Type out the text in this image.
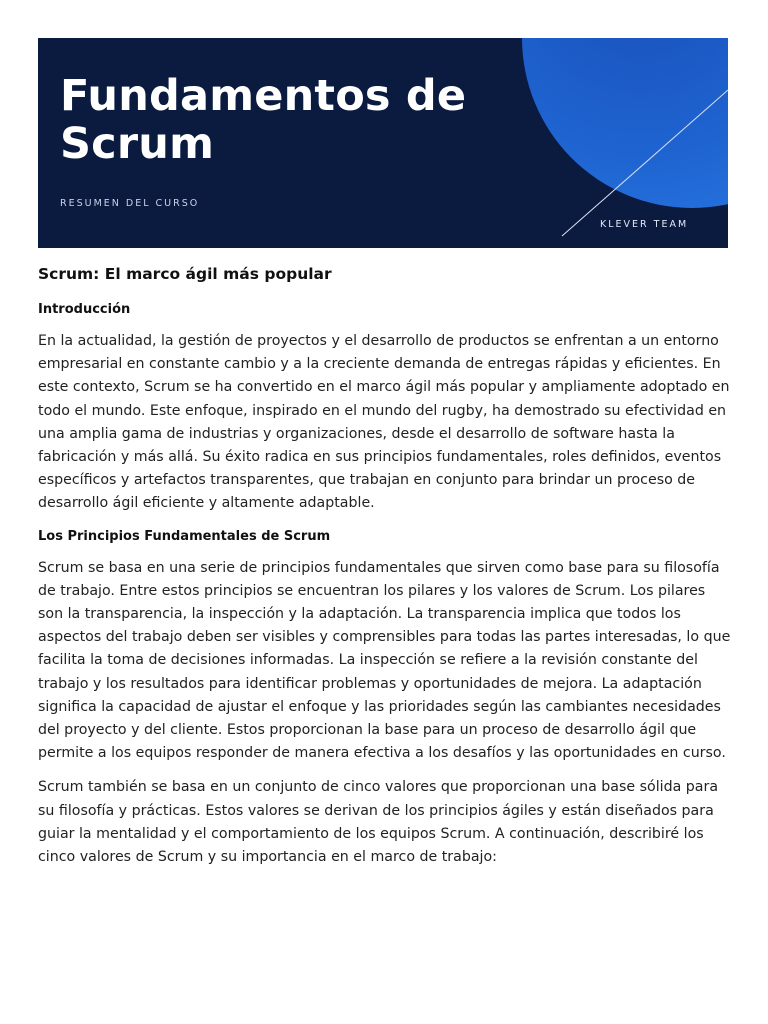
Fundamentos de Scrum
RESUMEN DEL CURSO
KLEVER TEAM
Scrum: El marco ágil más popular
Introducción

En la actualidad, la gestión de proyectos y el desarrollo de productos se enfrentan a un entorno empresarial en constante cambio y a la creciente demanda de entregas rápidas y eficientes. En este contexto, Scrum se ha convertido en el marco ágil más popular y ampliamente adoptado en todo el mundo. Este enfoque, inspirado en el mundo del rugby, ha demostrado su efectividad en una amplia gama de industrias y organizaciones, desde el desarrollo de software hasta la fabricación y más allá. Su éxito radica en sus principios fundamentales, roles definidos, eventos específicos y artefactos transparentes, que trabajan en conjunto para brindar un proceso de desarrollo ágil eficiente y altamente adaptable.

Los Principios Fundamentales de Scrum

Scrum se basa en una serie de principios fundamentales que sirven como base para su filosofía de trabajo. Entre estos principios se encuentran los pilares y los valores de Scrum. Los pilares son la transparencia, la inspección y la adaptación. La transparencia implica que todos los aspectos del trabajo deben ser visibles y comprensibles para todas las partes interesadas, lo que facilita la toma de decisiones informadas. La inspección se refiere a la revisión constante del trabajo y los resultados para identificar problemas y oportunidades de mejora. La adaptación significa la capacidad de ajustar el enfoque y las prioridades según las cambiantes necesidades del proyecto y del cliente. Estos proporcionan la base para un proceso de desarrollo ágil que permite a los equipos responder de manera efectiva a los desafíos y las oportunidades en curso.

Scrum también se basa en un conjunto de cinco valores que proporcionan una base sólida para su filosofía y prácticas. Estos valores se derivan de los principios ágiles y están diseñados para guiar la mentalidad y el comportamiento de los equipos Scrum. A continuación, describiré los cinco valores de Scrum y su importancia en el marco de trabajo:
